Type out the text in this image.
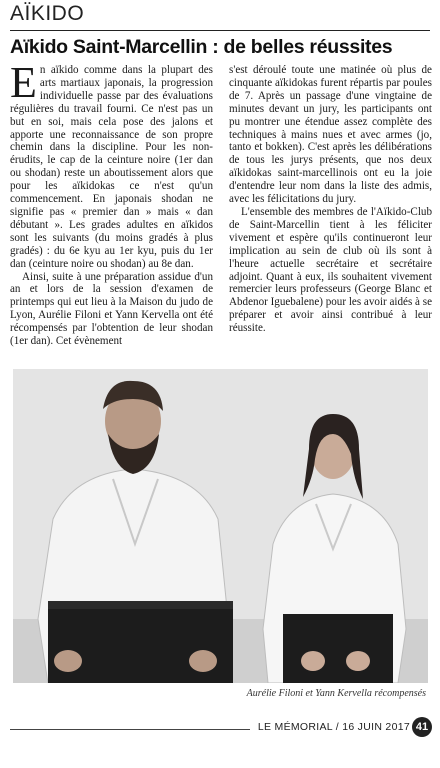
AÏKIDO
Aïkido Saint-Marcellin : de belles réussites

En aïkido comme dans la plupart des arts martiaux japonais, la progression individuelle passe par des évaluations régulières du travail fourni. Ce n'est pas un but en soi, mais cela pose des jalons et apporte une reconnaissance de son propre chemin dans la discipline. Pour les non-érudits, le cap de la ceinture noire (1er dan ou shodan) reste un aboutissement alors que pour les aïkidokas ce n'est qu'un commencement. En japonais shodan ne signifie pas « premier dan » mais « dan débutant ». Les grades adultes en aïkidos sont les suivants (du moins gradés à plus gradés) : du 6e kyu au 1er kyu, puis du 1er dan (ceinture noire ou shodan) au 8e dan.

Ainsi, suite à une préparation assidue d'un an et lors de la session d'examen de printemps qui eut lieu à la Maison du judo de Lyon, Aurélie Filoni et Yann Kervella ont été récompensés par l'obtention de leur shodan (1er dan). Cet évènement

s'est déroulé toute une matinée où plus de cinquante aïkidokas furent répartis par poules de 7. Après un passage d'une vingtaine de minutes devant un jury, les participants ont pu montrer une étendue assez complète des techniques à mains nues et avec armes (jo, tanto et bokken). C'est après les délibérations de tous les jurys présents, que nos deux aïkidokas saint-marcellinois ont eu la joie d'entendre leur nom dans la liste des admis, avec les félicitations du jury.

L'ensemble des membres de l'Aïkido-Club de Saint-Marcellin tient à les féliciter vivement et espère qu'ils continueront leur implication au sein de club où ils sont à l'heure actuelle secrétaire et secrétaire adjoint. Quant à eux, ils souhaitent vivement remercier leurs professeurs (George Blanc et Abdenor Iguebalene) pour les avoir aidés à se préparer et avoir ainsi contribué à leur réussite.

Aurélie Filoni et Yann Kervella récompensés
LE MÉMORIAL / 16 JUIN 2017 41
